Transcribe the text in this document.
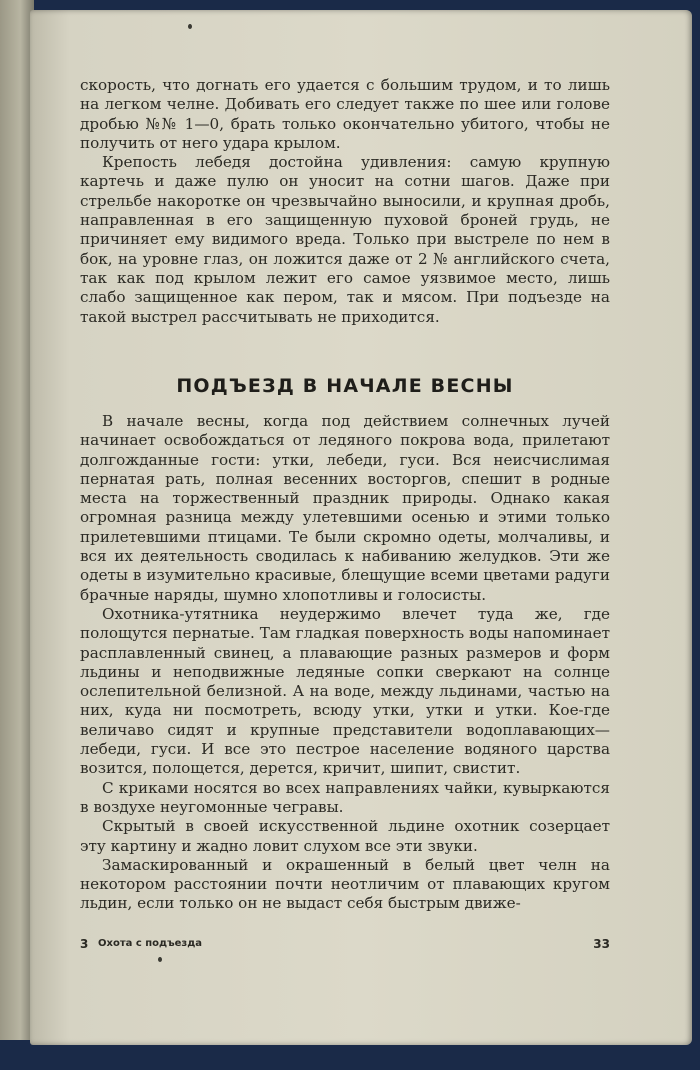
скорость, что догнать его удается с большим трудом, и то лишь на легком челне. Добивать его следует также по шее или голове дробью №№ 1—0, брать только окончательно убитого, чтобы не получить от него удара крылом.

Крепость лебедя достойна удивления: самую крупную картечь и даже пулю он уносит на сотни шагов. Даже при стрельбе накоротке он чрезвычайно выносили, и крупная дробь, направленная в его защищенную пуховой броней грудь, не причиняет ему видимого вреда. Только при выстреле по нем в бок, на уровне глаз, он ложится даже от 2 № английского счета, так как под крылом лежит его самое уязвимое место, лишь слабо защищенное как пером, так и мясом. При подъезде на такой выстрел рассчитывать не приходится.

ПОДЪЕЗД В НАЧАЛЕ ВЕСНЫ

В начале весны, когда под действием солнечных лучей начинает освобождаться от ледяного покрова вода, прилетают долгожданные гости: утки, лебеди, гуси. Вся неисчислимая пернатая рать, полная весенних восторгов, спешит в родные места на торжественный праздник природы. Однако какая огромная разница между улетевшими осенью и этими только прилетевшими птицами. Те были скромно одеты, молчаливы, и вся их деятельность сводилась к набиванию желудков. Эти же одеты в изумительно красивые, блещущие всеми цветами радуги брачные наряды, шумно хлопотливы и голосисты.

Охотника-утятника неудержимо влечет туда же, где полощутся пернатые. Там гладкая поверхность воды напоминает расплавленный свинец, а плавающие разных размеров и форм льдины и неподвижные ледяные сопки сверкают на солнце ослепительной белизной. А на воде, между льдинами, частью на них, куда ни посмотреть, всюду утки, утки и утки. Кое-где величаво сидят и крупные представители водоплавающих—лебеди, гуси. И все это пестрое население водяного царства возится, полощется, дерется, кричит, шипит, свистит.

С криками носятся во всех направлениях чайки, кувыркаются в воздухе неугомонные чегравы.

Скрытый в своей искусственной льдине охотник созерцает эту картину и жадно ловит слухом все эти звуки.

Замаскированный и окрашенный в белый цвет челн на некотором расстоянии почти неотличим от плавающих кругом льдин, если только он не выдаст себя быстрым движе-

3 Охота с подъезда	33
